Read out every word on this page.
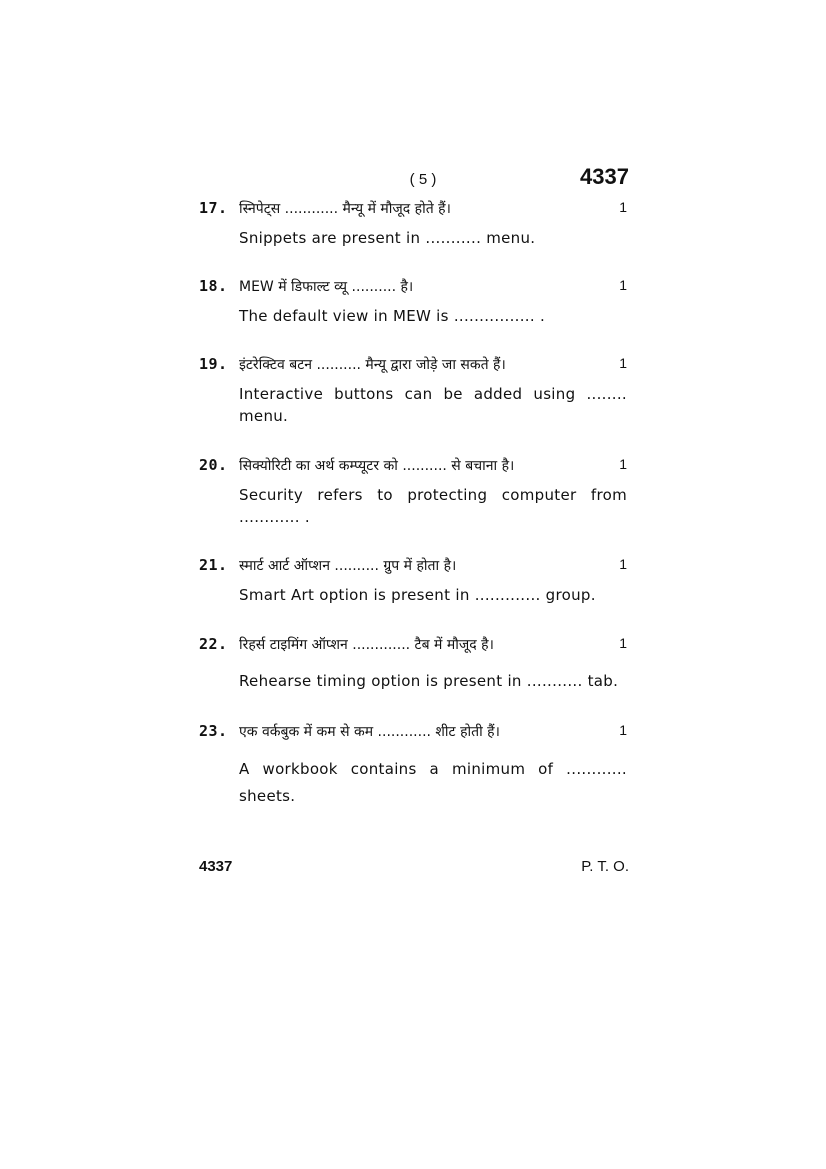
( 5 )	4337
17. स्निपेट्स ............ मैन्यू में मौजूद होते हैं।	1
Snippets are present in ........... menu.
18. MEW में डिफाल्ट व्यू .......... है।	1
The default view in MEW is ................ .
19. इंटरेक्टिव बटन .......... मैन्यू द्वारा जोड़े जा सकते हैं।	1
Interactive buttons can be added using ........
menu.
20. सिक्योरिटी का अर्थ कम्प्यूटर को .......... से बचाना है।	1
Security refers to protecting computer from
............ .
21. स्मार्ट आर्ट ऑप्शन .......... ग्रुप में होता है।	1
Smart Art option is present in ............. group.
22. रिहर्स टाइमिंग ऑप्शन ............. टैब में मौजूद है।	1
Rehearse timing option is present in ........... tab.
23. एक वर्कबुक में कम से कम ............ शीट होती हैं।	1
A workbook contains a minimum of ............
sheets.
4337	P. T. O.
